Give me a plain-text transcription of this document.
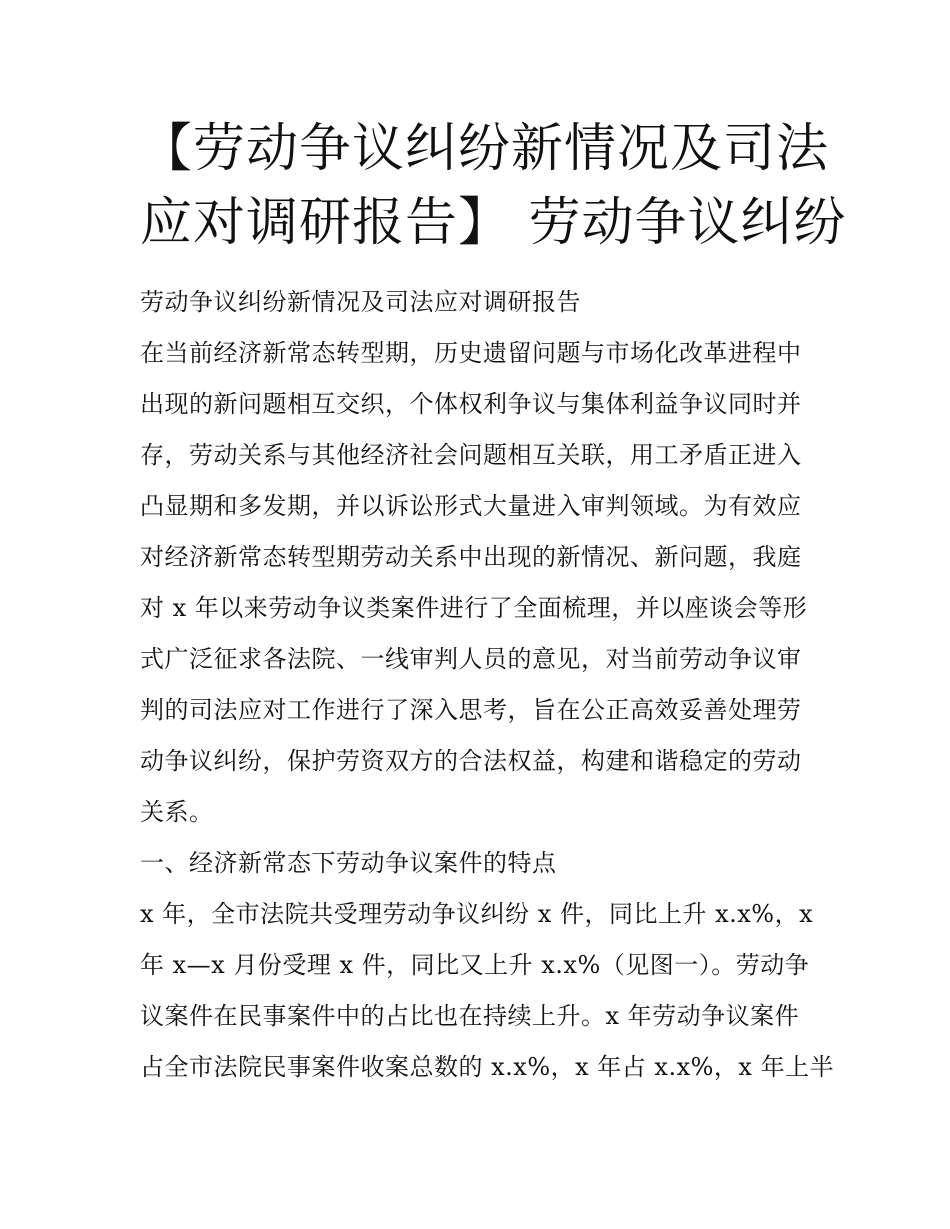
【劳动争议纠纷新情况及司法
应对调研报告】 劳动争议纠纷
劳动争议纠纷新情况及司法应对调研报告
在当前经济新常态转型期，历史遗留问题与市场化改革进程中
出现的新问题相互交织，个体权利争议与集体利益争议同时并
存，劳动关系与其他经济社会问题相互关联，用工矛盾正进入
凸显期和多发期，并以诉讼形式大量进入审判领域。为有效应
对经济新常态转型期劳动关系中出现的新情况、新问题，我庭
对 x 年以来劳动争议类案件进行了全面梳理，并以座谈会等形
式广泛征求各法院、一线审判人员的意见，对当前劳动争议审
判的司法应对工作进行了深入思考，旨在公正高效妥善处理劳
动争议纠纷，保护劳资双方的合法权益，构建和谐稳定的劳动
关系。
一、经济新常态下劳动争议案件的特点
x 年，全市法院共受理劳动争议纠纷 x 件，同比上升 x.x%，x
年 x—x 月份受理 x 件，同比又上升 x.x%（见图一）。劳动争
议案件在民事案件中的占比也在持续上升。x 年劳动争议案件
占全市法院民事案件收案总数的 x.x%，x 年占 x.x%，x 年上半
